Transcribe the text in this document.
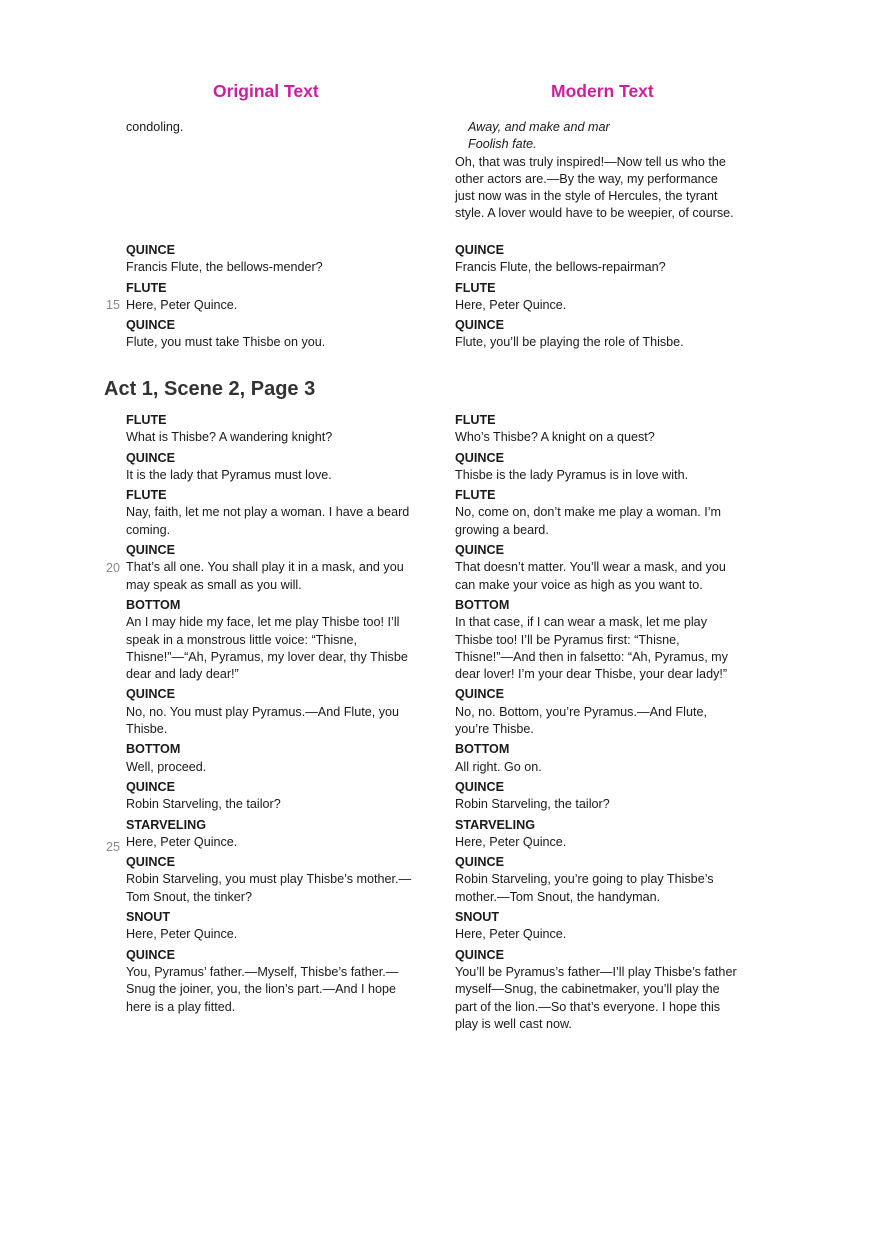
Original Text	Modern Text
condoling.
QUINCE
Francis Flute, the bellows-mender?
FLUTE
Here, Peter Quince.
QUINCE
Flute, you must take Thisbe on you.
Away, and make and mar
Foolish fate.
Oh, that was truly inspired!—Now tell us who the other actors are.—By the way, my performance just now was in the style of Hercules, the tyrant style. A lover would have to be weepier, of course.
QUINCE
Francis Flute, the bellows-repairman?
FLUTE
Here, Peter Quince.
QUINCE
Flute, you’ll be playing the role of Thisbe.
15
20
25
Act 1, Scene 2, Page 3
FLUTE
What is Thisbe? A wandering knight?
QUINCE
It is the lady that Pyramus must love.
FLUTE
Nay, faith, let me not play a woman. I have a beard coming.
QUINCE
That’s all one. You shall play it in a mask, and you may speak as small as you will.
BOTTOM
An I may hide my face, let me play Thisbe too! I’ll speak in a monstrous little voice: “Thisne, Thisne!”—“Ah, Pyramus, my lover dear, thy Thisbe dear and lady dear!”
QUINCE
No, no. You must play Pyramus.—And Flute, you Thisbe.
BOTTOM
Well, proceed.
QUINCE
Robin Starveling, the tailor?
STARVELING
Here, Peter Quince.
QUINCE
Robin Starveling, you must play Thisbe’s mother.—Tom Snout, the tinker?
SNOUT
Here, Peter Quince.
QUINCE
You, Pyramus’ father.—Myself, Thisbe’s father.—Snug the joiner, you, the lion’s part.—And I hope here is a play fitted.
FLUTE
Who’s Thisbe? A knight on a quest?
QUINCE
Thisbe is the lady Pyramus is in love with.
FLUTE
No, come on, don’t make me play a woman. I’m growing a beard.
QUINCE
That doesn’t matter. You’ll wear a mask, and you can make your voice as high as you want to.
BOTTOM
In that case, if I can wear a mask, let me play Thisbe too! I’ll be Pyramus first: “Thisne, Thisne!”—And then in falsetto: “Ah, Pyramus, my dear lover! I’m your dear Thisbe, your dear lady!”
QUINCE
No, no. Bottom, you’re Pyramus.—And Flute, you’re Thisbe.
BOTTOM
All right. Go on.
QUINCE
Robin Starveling, the tailor?
STARVELING
Here, Peter Quince.
QUINCE
Robin Starveling, you’re going to play Thisbe’s mother.—Tom Snout, the handyman.
SNOUT
Here, Peter Quince.
QUINCE
You’ll be Pyramus’s father—I’ll play Thisbe’s father myself—Snug, the cabinetmaker, you’ll play the part of the lion.—So that’s everyone. I hope this play is well cast now.
